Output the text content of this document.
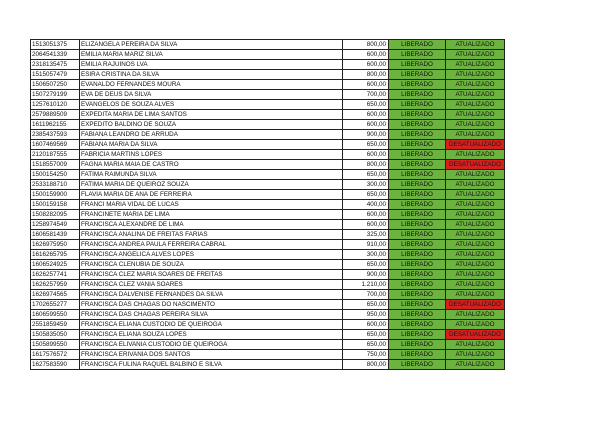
1513051375	ELIZANGELA PEREIRA DA SILVA	800,00	LIBERADO	ATUALIZADO
2064541339	EMILIA MARIA MARIZ SILVA	600,00	LIBERADO	ATUALIZADO
2318135475	EMILIA RAJUINOS LVA	600,00	LIBERADO	ATUALIZADO
1515057479	ESIRA CRISTINA DA SILVA	800,00	LIBERADO	ATUALIZADO
1506507250	EVANALDO FERNANDES MOURA	600,00	LIBERADO	ATUALIZADO
1507279199	EVA DE DEUS DA SILVA	700,00	LIBERADO	ATUALIZADO
1257610120	EVANGELOS DE SOUZA ALVES	650,00	LIBERADO	ATUALIZADO
2579889509	EXPEDITA MARIA DE LIMA SANTOS	600,00	LIBERADO	ATUALIZADO
1611962155	EXPEDITO BALDINO DE SOUZA	600,00	LIBERADO	ATUALIZADO
2385437593	FABIANA LEANDRO DE ARRUDA	900,00	LIBERADO	ATUALIZADO
1607469569	FABIANA MARIA DA SILVA	650,00	LIBERADO	DESATUALIZADO
2120187555	FABRICIA MARTINS LOPES	600,00	LIBERADO	ATUALIZADO
1518557009	FAGNA MARIA MAIA DE CASTRO	800,00	LIBERADO	DESATUALIZADO
1500154250	FATIMA RAIMUNDA SILVA	650,00	LIBERADO	ATUALIZADO
2533188710	FATIMA MARIA DE QUEIROZ SOUZA	300,00	LIBERADO	ATUALIZADO
1500159900	FLAVIA MARIA DE ANA DE FERREIRA	650,00	LIBERADO	ATUALIZADO
1500159158	FRANCI MARIA VIDAL DE LUCAS	400,00	LIBERADO	ATUALIZADO
1508282095	FRANCINETE MARIA DE LIMA	600,00	LIBERADO	ATUALIZADO
1258974549	FRANCISCA ALEXANDRE DE LIMA	600,00	LIBERADO	ATUALIZADO
1606581439	FRANCISCA ANALINA DE FREITAS FARIAS	325,00	LIBERADO	ATUALIZADO
1626975950	FRANCISCA ANDREA PAULA FERREIRA CABRAL	910,00	LIBERADO	ATUALIZADO
1616265795	FRANCISCA ANGELICA ALVES LOPES	300,00	LIBERADO	ATUALIZADO
1606524925	FRANCISCA CLENUBIA DE SOUZA	650,00	LIBERADO	ATUALIZADO
1626257741	FRANCISCA CLEZ MARIA SOARES DE FREITAS	900,00	LIBERADO	ATUALIZADO
1626257959	FRANCISCA CLEZ VANIA SOARES	1.210,00	LIBERADO	ATUALIZADO
1626974565	FRANCISCA DALVENISE FERNANDES DA SILVA	700,00	LIBERADO	ATUALIZADO
1702655277	FRANCISCA DAS CHAGAS DO NASCIMENTO	650,00	LIBERADO	DESATUALIZADO
1606599550	FRANCISCA DAS CHAGAS PEREIRA SILVA	950,00	LIBERADO	ATUALIZADO
2551859459	FRANCISCA ELIANA CUSTODIO DE QUEIROGA	600,00	LIBERADO	ATUALIZADO
1505835050	FRANCISCA ELIANA SOUZA LOPES	650,00	LIBERADO	DESATUALIZADO
1505899550	FRANCISCA ELIVANIA CUSTODIO DE QUEIROGA	650,00	LIBERADO	ATUALIZADO
1617576572	FRANCISCA ERIVANIA DOS SANTOS	750,00	LIBERADO	ATUALIZADO
1627583590	FRANCISCA FULINA RAQUEL BALBINO E SILVA	800,00	LIBERADO	ATUALIZADO
